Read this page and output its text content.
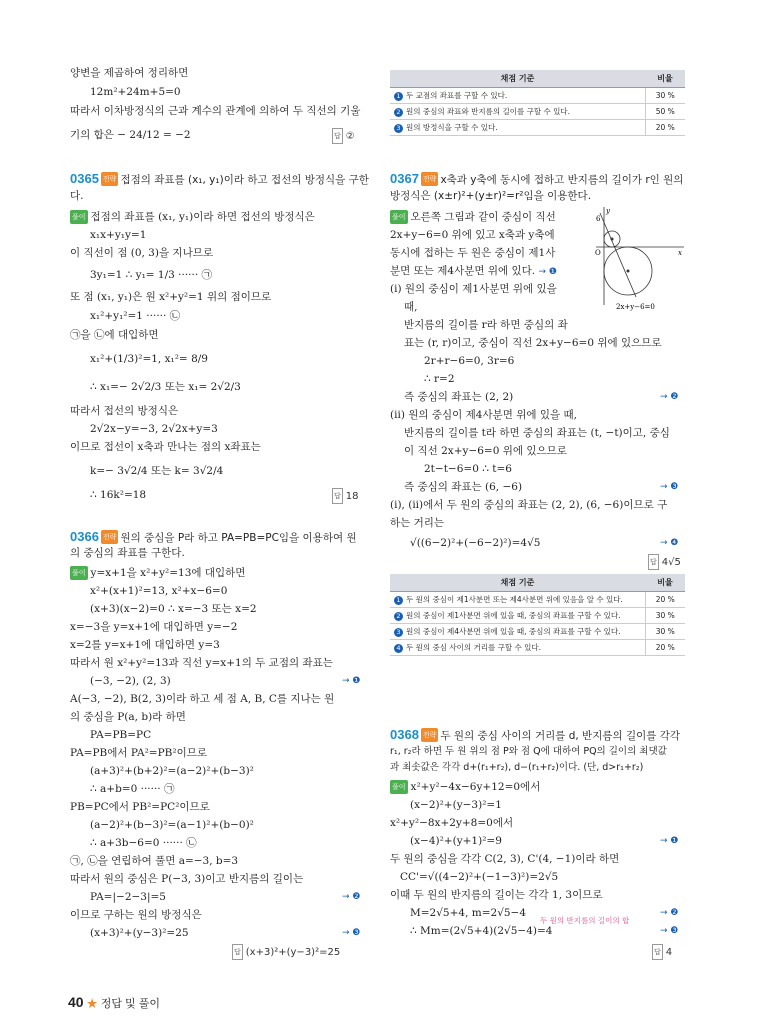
양변을 제곱하여 정리하면
12m²+24m+5=0
따라서 이차방정식의 근과 계수의 관계에 의하여 두 직선의 기울
기의 합은 − 24/12 = −2	답 ②
0365 전략 접점의 좌표를 (x₁, y₁)이라 하고 접선의 방정식을 구한
다.
풀이 접점의 좌표를 (x₁, y₁)이라 하면 접선의 방정식은
x₁x+y₁y=1
이 직선이 점 (0, 3)을 지나므로
3y₁=1 ∴ y₁= 1/3 ······ ㉠
또 점 (x₁, y₁)은 원 x²+y²=1 위의 점이므로
x₁²+y₁²=1 ······ ㉡
㉠을 ㉡에 대입하면
x₁²+(1/3)²=1, x₁²= 8/9
∴ x₁=− 2√2/3 또는 x₁= 2√2/3
따라서 접선의 방정식은
2√2x−y=−3, 2√2x+y=3
이므로 접선이 x축과 만나는 점의 x좌표는
k=− 3√2/4 또는 k= 3√2/4
∴ 16k²=18	답 18
0366 전략 원의 중심을 P라 하고 PA=PB=PC임을 이용하여 원
의 중심의 좌표를 구한다.
풀이 y=x+1을 x²+y²=13에 대입하면
x²+(x+1)²=13, x²+x−6=0
(x+3)(x−2)=0 ∴ x=−3 또는 x=2
x=−3을 y=x+1에 대입하면 y=−2
x=2를 y=x+1에 대입하면 y=3
따라서 원 x²+y²=13과 직선 y=x+1의 두 교점의 좌표는
(−3, −2), (2, 3)	→ ❶
A(−3, −2), B(2, 3)이라 하고 세 점 A, B, C를 지나는 원
의 중심을 P(a, b)라 하면
PA=PB=PC
PA=PB에서 PA²=PB²이므로
(a+3)²+(b+2)²=(a−2)²+(b−3)²
∴ a+b=0 ······ ㉠
PB=PC에서 PB²=PC²이므로
(a−2)²+(b−3)²=(a−1)²+(b−0)²
∴ a+3b−6=0 ······ ㉡
㉠, ㉡을 연립하여 풀면 a=−3, b=3
따라서 원의 중심은 P(−3, 3)이고 반지름의 길이는
PA=|−2−3|=5	→ ❷
이므로 구하는 원의 방정식은
(x+3)²+(y−3)²=25	→ ❸
답 (x+3)²+(y−3)²=25
채점 기준	비율
1 두 교점의 좌표를 구할 수 있다.	30 %
2 원의 중심의 좌표와 반지름의 길이를 구할 수 있다.	50 %
3 원의 방정식을 구할 수 있다.	20 %
0367 전략 x축과 y축에 동시에 접하고 반지름의 길이가 r인 원의
방정식은 (x±r)²+(y±r)²=r²임을 이용한다.
풀이 오른쪽 그림과 같이 중심이 직선
2x+y−6=0 위에 있고 x축과 y축에
동시에 접하는 두 원은 중심이 제1사
분면 또는 제4사분면 위에 있다. → ❶
(i) 원의 중심이 제1사분면 위에 있을
때,
반지름의 길이를 r라 하면 중심의 좌
표는 (r, r)이고, 중심이 직선 2x+y−6=0 위에 있으므로
2r+r−6=0, 3r=6
∴ r=2
즉 중심의 좌표는 (2, 2)	→ ❷
(ii) 원의 중심이 제4사분면 위에 있을 때,
반지름의 길이를 t라 하면 중심의 좌표는 (t, −t)이고, 중심
이 직선 2x+y−6=0 위에 있으므로
2t−t−6=0 ∴ t=6
즉 중심의 좌표는 (6, −6)	→ ❸
(i), (ii)에서 두 원의 중심의 좌표는 (2, 2), (6, −6)이므로 구
하는 거리는
√((6−2)²+(−6−2)²)=4√5	→ ❹
답 4√5
6
O
y
x
2x+y−6=0
채점 기준	비율
1 두 원의 중심이 제1사분면 또는 제4사분면 위에 있음을 알 수 있다.	20 %
2 원의 중심이 제1사분면 위에 있을 때, 중심의 좌표를 구할 수 있다.	30 %
3 원의 중심이 제4사분면 위에 있을 때, 중심의 좌표를 구할 수 있다.	30 %
4 두 원의 중심 사이의 거리를 구할 수 있다.	20 %
0368 전략 두 원의 중심 사이의 거리를 d, 반지름의 길이를 각각
r₁, r₂라 하면 두 원 위의 점 P와 점 Q에 대하여 PQ의 길이의 최댓값
과 최솟값은 각각 d+(r₁+r₂), d−(r₁+r₂)이다. (단, d>r₁+r₂)
풀이 x²+y²−4x−6y+12=0에서
(x−2)²+(y−3)²=1
x²+y²−8x+2y+8=0에서
(x−4)²+(y+1)²=9	→ ❶
두 원의 중심을 각각 C(2, 3), C'(4, −1)이라 하면
CC'=√((4−2)²+(−1−3)²)=2√5
이때 두 원의 반지름의 길이는 각각 1, 3이므로
M=2√5+4, m=2√5−4
두 원의 반지름의 길이의 합
→ ❷
∴ Mm=(2√5+4)(2√5−4)=4	→ ❸
답 4
40 ★ 정답 및 풀이
